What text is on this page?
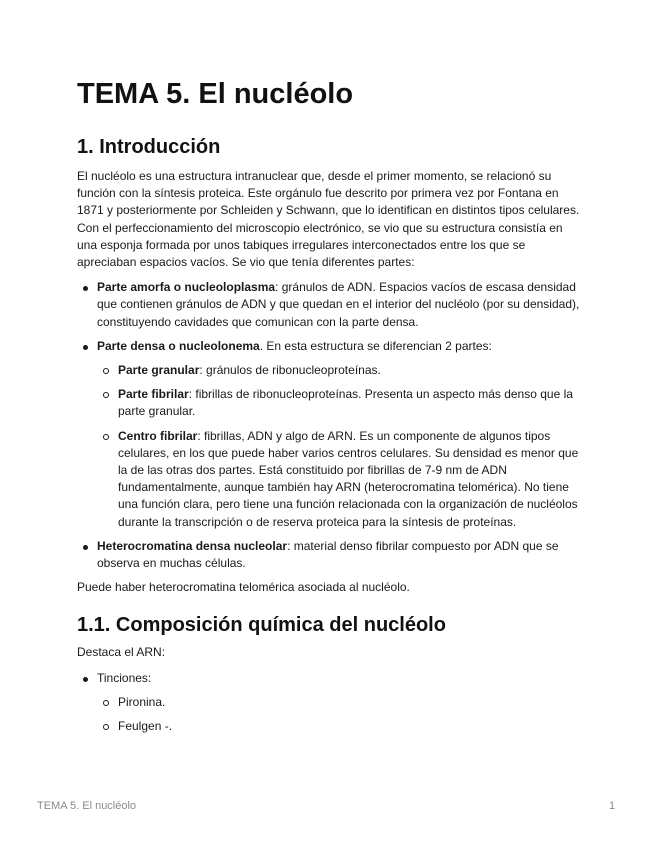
TEMA 5. El nucléolo
1. Introducción

El nucléolo es una estructura intranuclear que, desde el primer momento, se relacionó su función con la síntesis proteica. Este orgánulo fue descrito por primera vez por Fontana en 1871 y posteriormente por Schleiden y Schwann, que lo identifican en distintos tipos celulares. Con el perfeccionamiento del microscopio electrónico, se vio que su estructura consistía en una esponja formada por unos tabiques irregulares interconectados entre los que se apreciaban espacios vacíos. Se vio que tenía diferentes partes:

Parte amorfa o nucleoloplasma: gránulos de ADN. Espacios vacíos de escasa densidad que contienen gránulos de ADN y que quedan en el interior del nucléolo (por su densidad), constituyendo cavidades que comunican con la parte densa.
Parte densa o nucleolonema. En esta estructura se diferencian 2 partes:
Parte granular: gránulos de ribonucleoproteínas.
Parte fibrilar: fibrillas de ribonucleoproteínas. Presenta un aspecto más denso que la parte granular.
Centro fibrilar: fibrillas, ADN y algo de ARN. Es un componente de algunos tipos celulares, en los que puede haber varios centros celulares. Su densidad es menor que la de las otras dos partes. Está constituido por fibrillas de 7-9 nm de ADN fundamentalmente, aunque también hay ARN (heterocromatina telomérica). No tiene una función clara, pero tiene una función relacionada con la organización de nucléolos durante la transcripción o de reserva proteica para la síntesis de proteínas.
Heterocromatina densa nucleolar: material denso fibrilar compuesto por ADN que se observa en muchas células.

Puede haber heterocromatina telomérica asociada al nucléolo.

1.1. Composición química del nucléolo

Destaca el ARN:

Tinciones:
Pironina.
Feulgen -.
TEMA 5. El nucléolo	1
